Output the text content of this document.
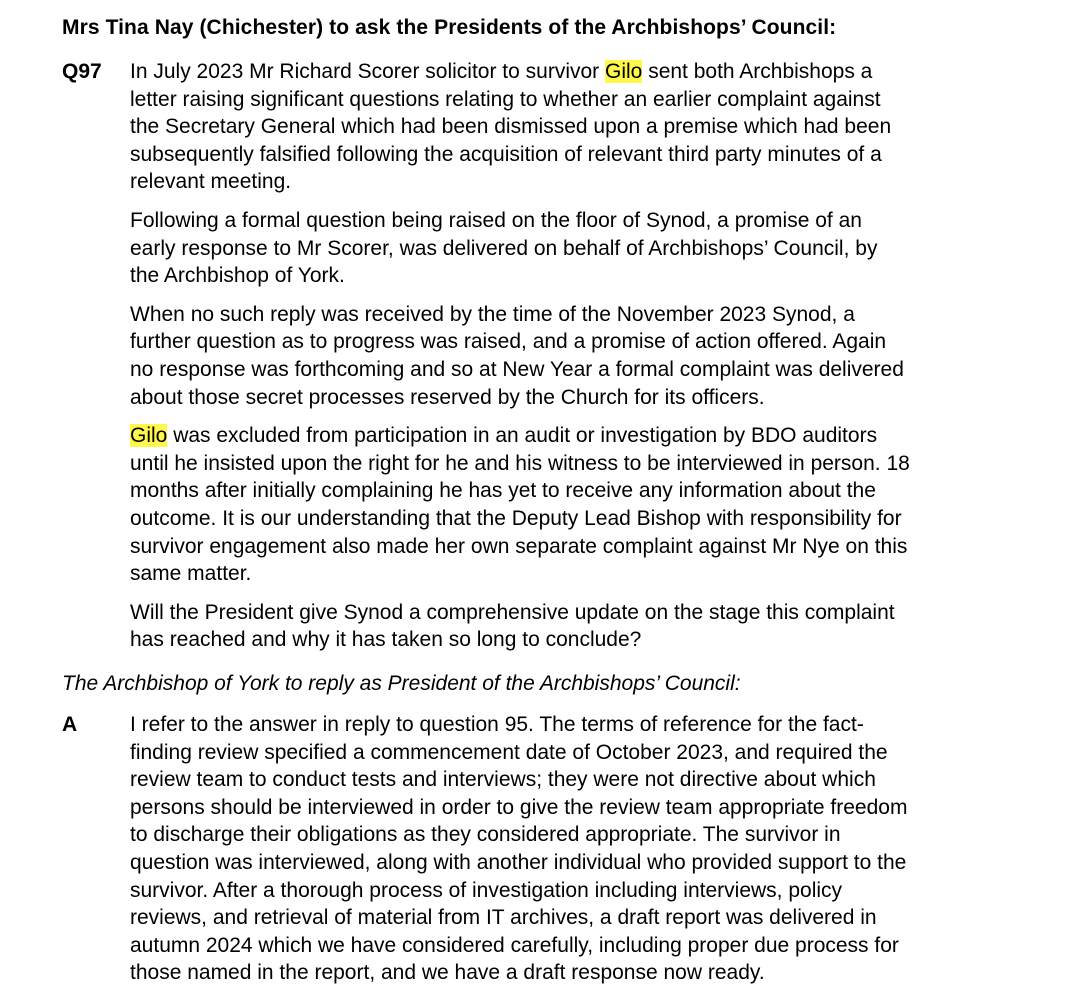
Mrs Tina Nay (Chichester) to ask the Presidents of the Archbishops’ Council:
Q97 In July 2023 Mr Richard Scorer solicitor to survivor Gilo sent both Archbishops a
letter raising significant questions relating to whether an earlier complaint against
the Secretary General which had been dismissed upon a premise which had been
subsequently falsified following the acquisition of relevant third party minutes of a
relevant meeting.

Following a formal question being raised on the floor of Synod, a promise of an
early response to Mr Scorer, was delivered on behalf of Archbishops’ Council, by
the Archbishop of York.

When no such reply was received by the time of the November 2023 Synod, a
further question as to progress was raised, and a promise of action offered. Again
no response was forthcoming and so at New Year a formal complaint was delivered
about those secret processes reserved by the Church for its officers.

Gilo was excluded from participation in an audit or investigation by BDO auditors
until he insisted upon the right for he and his witness to be interviewed in person. 18
months after initially complaining he has yet to receive any information about the
outcome. It is our understanding that the Deputy Lead Bishop with responsibility for
survivor engagement also made her own separate complaint against Mr Nye on this
same matter.

Will the President give Synod a comprehensive update on the stage this complaint
has reached and why it has taken so long to conclude?

The Archbishop of York to reply as President of the Archbishops’ Council:
A	I refer to the answer in reply to question 95. The terms of reference for the fact-
finding review specified a commencement date of October 2023, and required the
review team to conduct tests and interviews; they were not directive about which
persons should be interviewed in order to give the review team appropriate freedom
to discharge their obligations as they considered appropriate. The survivor in
question was interviewed, along with another individual who provided support to the
survivor. After a thorough process of investigation including interviews, policy
reviews, and retrieval of material from IT archives, a draft report was delivered in
autumn 2024 which we have considered carefully, including proper due process for
those named in the report, and we have a draft response now ready.
